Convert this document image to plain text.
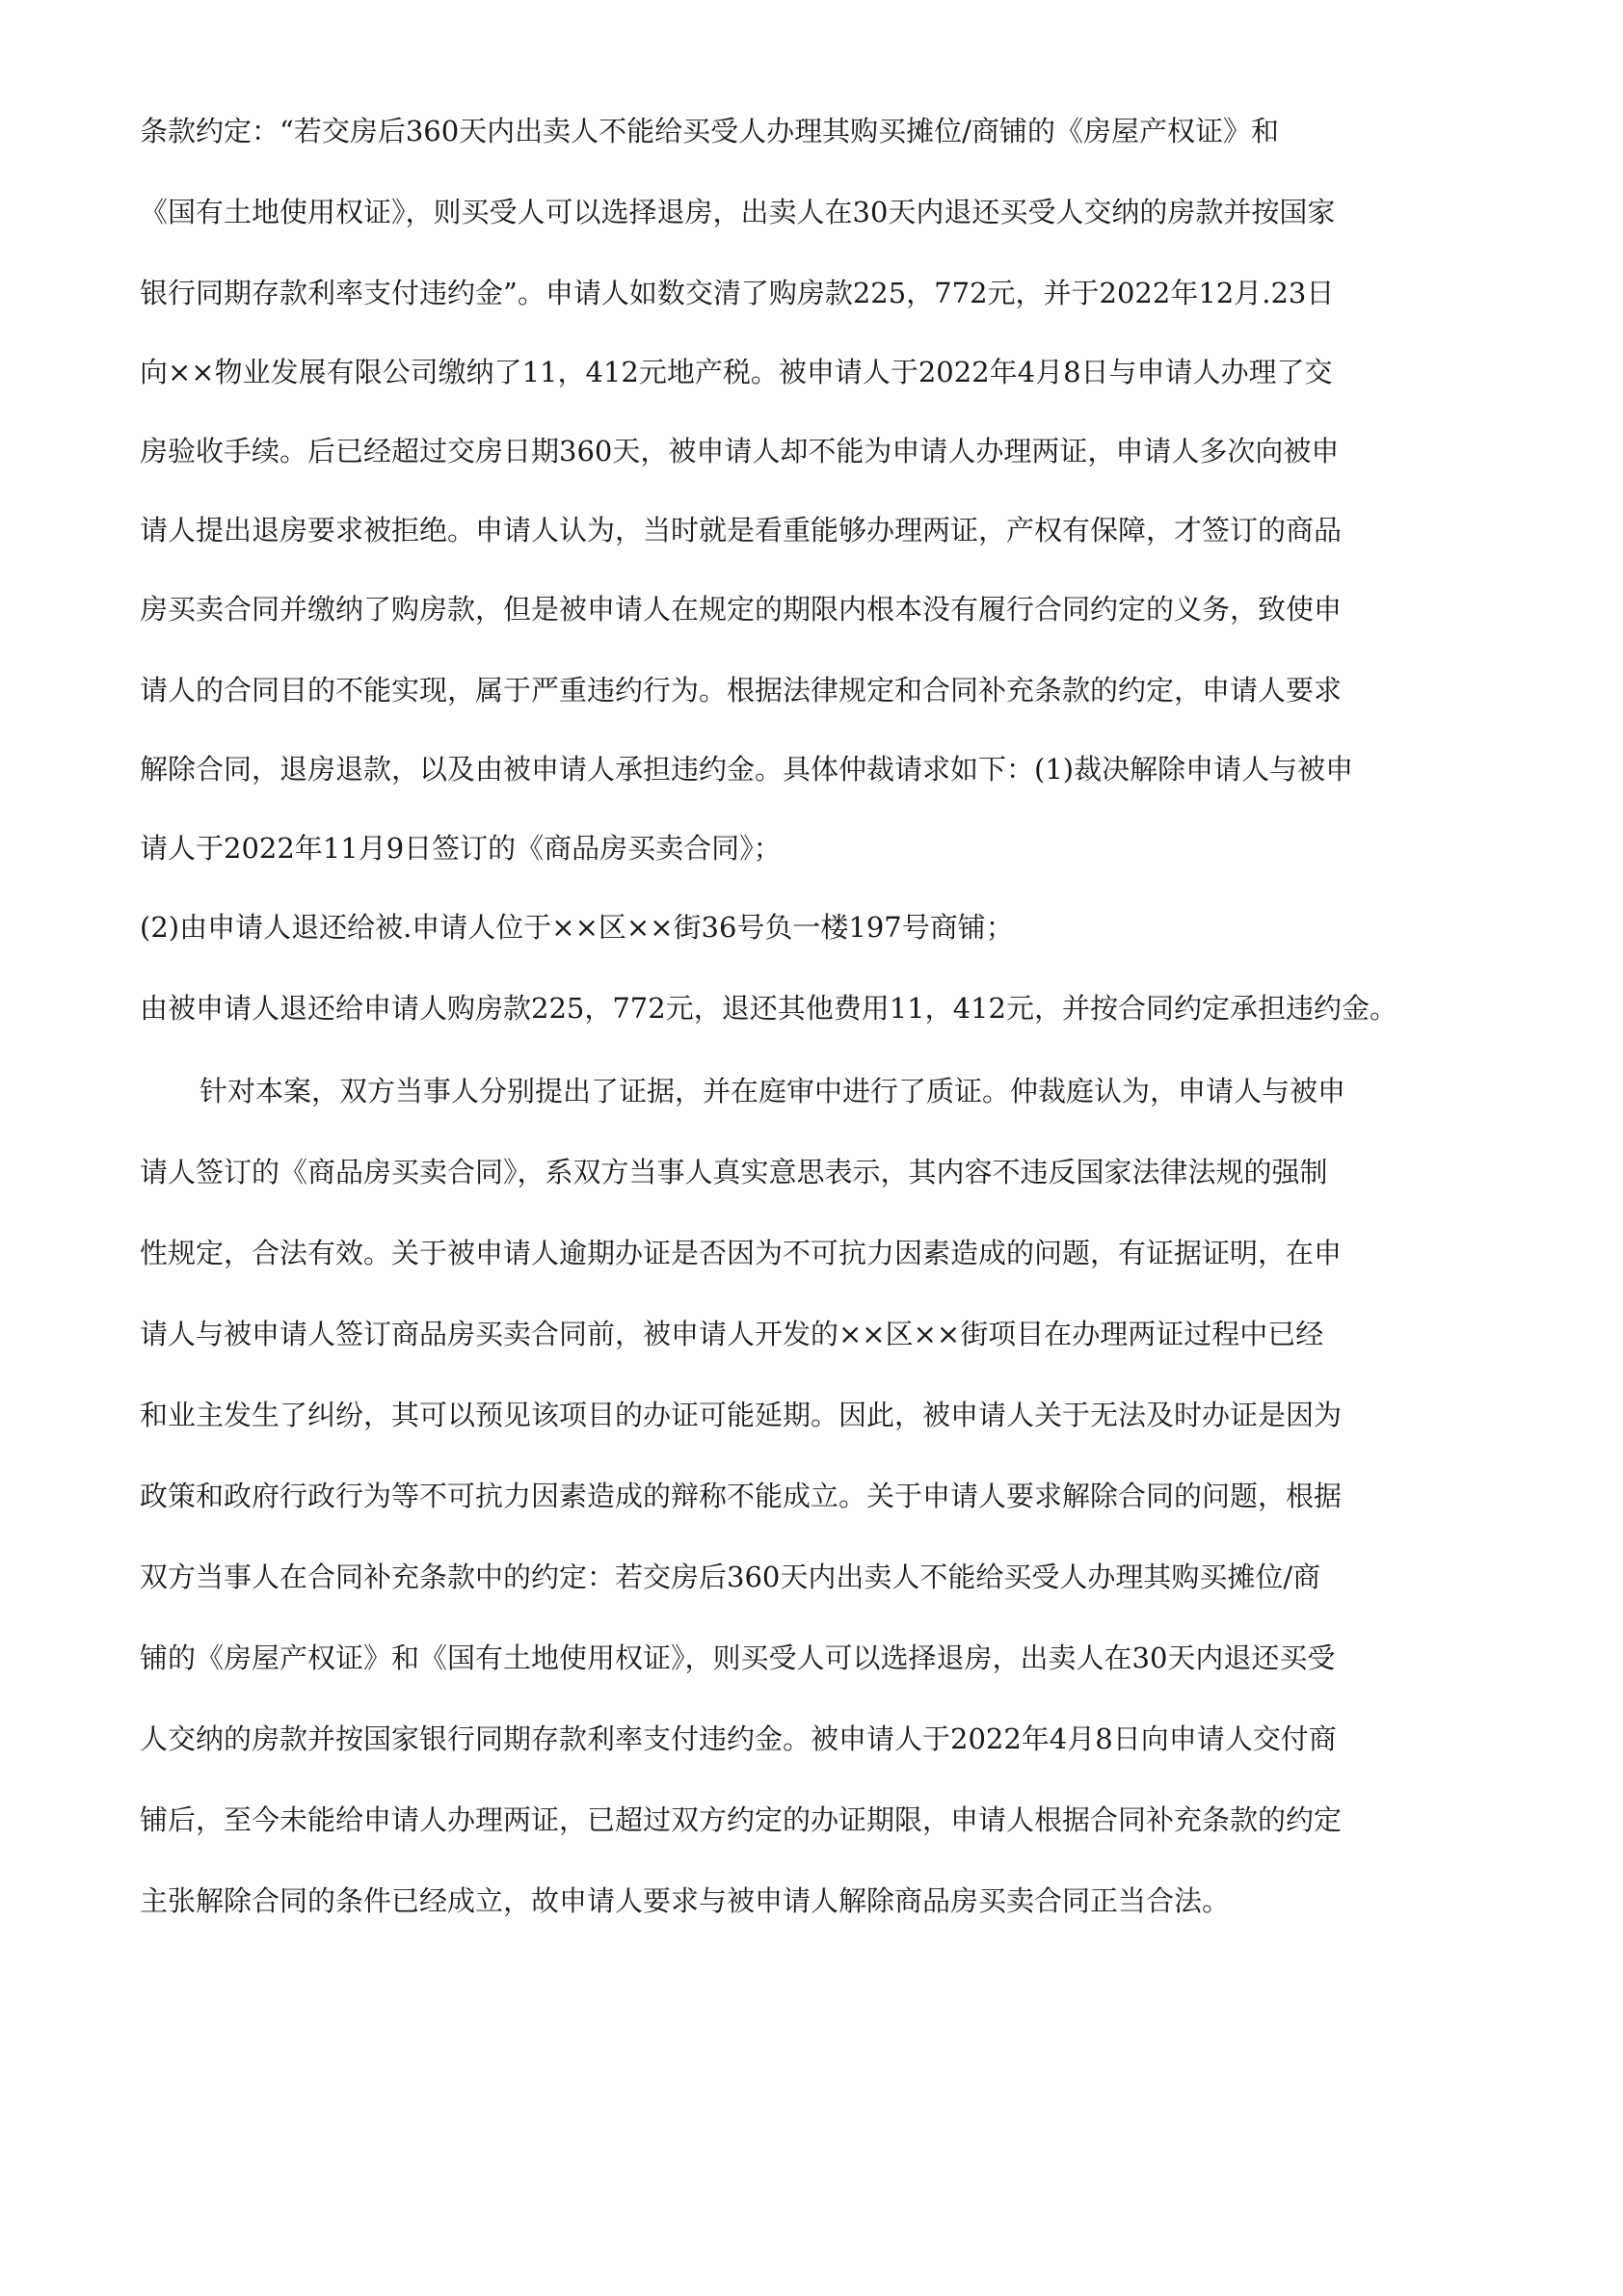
条款约定：“若交房后360天内出卖人不能给买受人办理其购买摊位/商铺的《房屋产权证》和

《国有土地使用权证》，则买受人可以选择退房，出卖人在30天内退还买受人交纳的房款并按国家

银行同期存款利率支付违约金”。申请人如数交清了购房款225，772元，并于2022年12月.23日

向××物业发展有限公司缴纳了11，412元地产税。被申请人于2022年4月8日与申请人办理了交

房验收手续。后已经超过交房日期360天，被申请人却不能为申请人办理两证，申请人多次向被申

请人提出退房要求被拒绝。申请人认为，当时就是看重能够办理两证，产权有保障，才签订的商品

房买卖合同并缴纳了购房款，但是被申请人在规定的期限内根本没有履行合同约定的义务，致使申

请人的合同目的不能实现，属于严重违约行为。根据法律规定和合同补充条款的约定，申请人要求

解除合同，退房退款，以及由被申请人承担违约金。具体仲裁请求如下：(1)裁决解除申请人与被申

请人于2022年11月9日签订的《商品房买卖合同》；

(2)由申请人退还给被.申请人位于××区××街36号负一楼197号商铺；

由被申请人退还给申请人购房款225，772元，退还其他费用11，412元，并按合同约定承担违约金。

针对本案，双方当事人分别提出了证据，并在庭审中进行了质证。仲裁庭认为，申请人与被申

请人签订的《商品房买卖合同》，系双方当事人真实意思表示，其内容不违反国家法律法规的强制

性规定，合法有效。关于被申请人逾期办证是否因为不可抗力因素造成的问题，有证据证明，在申

请人与被申请人签订商品房买卖合同前，被申请人开发的××区××街项目在办理两证过程中已经

和业主发生了纠纷，其可以预见该项目的办证可能延期。因此，被申请人关于无法及时办证是因为

政策和政府行政行为等不可抗力因素造成的辩称不能成立。关于申请人要求解除合同的问题，根据

双方当事人在合同补充条款中的约定：若交房后360天内出卖人不能给买受人办理其购买摊位/商

铺的《房屋产权证》和《国有土地使用权证》，则买受人可以选择退房，出卖人在30天内退还买受

人交纳的房款并按国家银行同期存款利率支付违约金。被申请人于2022年4月8日向申请人交付商

铺后，至今未能给申请人办理两证，已超过双方约定的办证期限，申请人根据合同补充条款的约定

主张解除合同的条件已经成立，故申请人要求与被申请人解除商品房买卖合同正当合法。
